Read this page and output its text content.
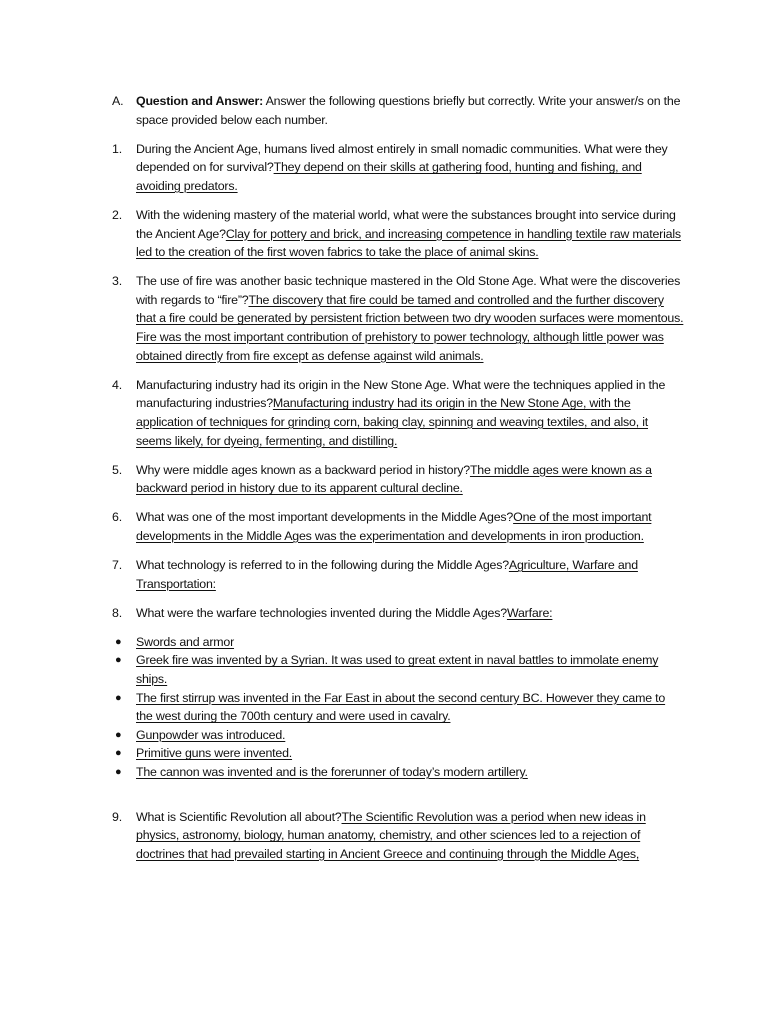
A.	Question and Answer: Answer the following questions briefly but correctly. Write your answer/s on the space provided below each number.
1.	During the Ancient Age, humans lived almost entirely in small nomadic communities. What were they depended on for survival?They depend on their skills at gathering food, hunting and fishing, and avoiding predators.
2.	With the widening mastery of the material world, what were the substances brought into service during the Ancient Age?Clay for pottery and brick, and increasing competence in handling textile raw materials led to the creation of the first woven fabrics to take the place of animal skins.
3.	The use of fire was another basic technique mastered in the Old Stone Age. What were the discoveries with regards to “fire”?The discovery that fire could be tamed and controlled and the further discovery that a fire could be generated by persistent friction between two dry wooden surfaces were momentous. Fire was the most important contribution of prehistory to power technology, although little power was obtained directly from fire except as defense against wild animals.
4.	Manufacturing industry had its origin in the New Stone Age. What were the techniques applied in the manufacturing industries?Manufacturing industry had its origin in the New Stone Age, with the application of techniques for grinding corn, baking clay, spinning and weaving textiles, and also, it seems likely, for dyeing, fermenting, and distilling.
5.	Why were middle ages known as a backward period in history?The middle ages were known as a backward period in history due to its apparent cultural decline.
6.	What was one of the most important developments in the Middle Ages?One of the most important developments in the Middle Ages was the experimentation and developments in iron production.
7.	What technology is referred to in the following during the Middle Ages?Agriculture, Warfare and Transportation:
8.	What were the warfare technologies invented during the Middle Ages?Warfare:
● Swords and armor
● Greek fire was invented by a Syrian. It was used to great extent in naval battles to immolate enemy ships.
● The first stirrup was invented in the Far East in about the second century BC. However they came to the west during the 700th century and were used in cavalry.
● Gunpowder was introduced.
● Primitive guns were invented.
● The cannon was invented and is the forerunner of today’s modern artillery.
9.	What is Scientific Revolution all about?The Scientific Revolution was a period when new ideas in physics, astronomy, biology, human anatomy, chemistry, and other sciences led to a rejection of doctrines that had prevailed starting in Ancient Greece and continuing through the Middle Ages,
